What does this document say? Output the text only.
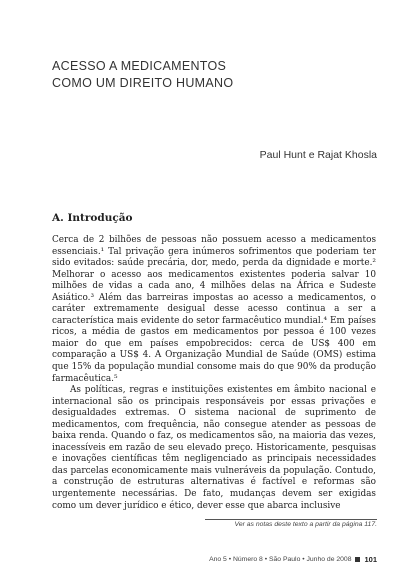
ACESSO A MEDICAMENTOS
COMO UM DIREITO HUMANO
Paul Hunt e Rajat Khosla
A. Introdução

Cerca de 2 bilhões de pessoas não possuem acesso a medicamentos essenciais.¹ Tal privação gera inúmeros sofrimentos que poderiam ter sido evitados: saúde precária, dor, medo, perda da dignidade e morte.² Melhorar o acesso aos medicamentos existentes poderia salvar 10 milhões de vidas a cada ano, 4 milhões delas na África e Sudeste Asiático.³ Além das barreiras impostas ao acesso a medicamentos, o caráter extremamente desigual desse acesso continua a ser a característica mais evidente do setor farmacêutico mundial.⁴ Em países ricos, a média de gastos em medicamentos por pessoa é 100 vezes maior do que em países empobrecidos: cerca de US$ 400 em comparação a US$ 4. A Organização Mundial de Saúde (OMS) estima que 15% da população mundial consome mais do que 90% da produção farmacêutica.⁵

As políticas, regras e instituições existentes em âmbito nacional e internacional são os principais responsáveis por essas privações e desigualdades extremas. O sistema nacional de suprimento de medicamentos, com frequência, não consegue atender as pessoas de baixa renda. Quando o faz, os medicamentos são, na maioria das vezes, inacessíveis em razão de seu elevado preço. Historicamente, pesquisas e inovações científicas têm negligenciado as principais necessidades das parcelas economicamente mais vulneráveis da população. Contudo, a construção de estruturas alternativas é factível e reformas são urgentemente necessárias. De fato, mudanças devem ser exigidas como um dever jurídico e ético, dever esse que abarca inclusive

Ver as notas deste texto a partir da página 117.
Ano 5 • Número 8 • São Paulo • Junho de 2008 101
